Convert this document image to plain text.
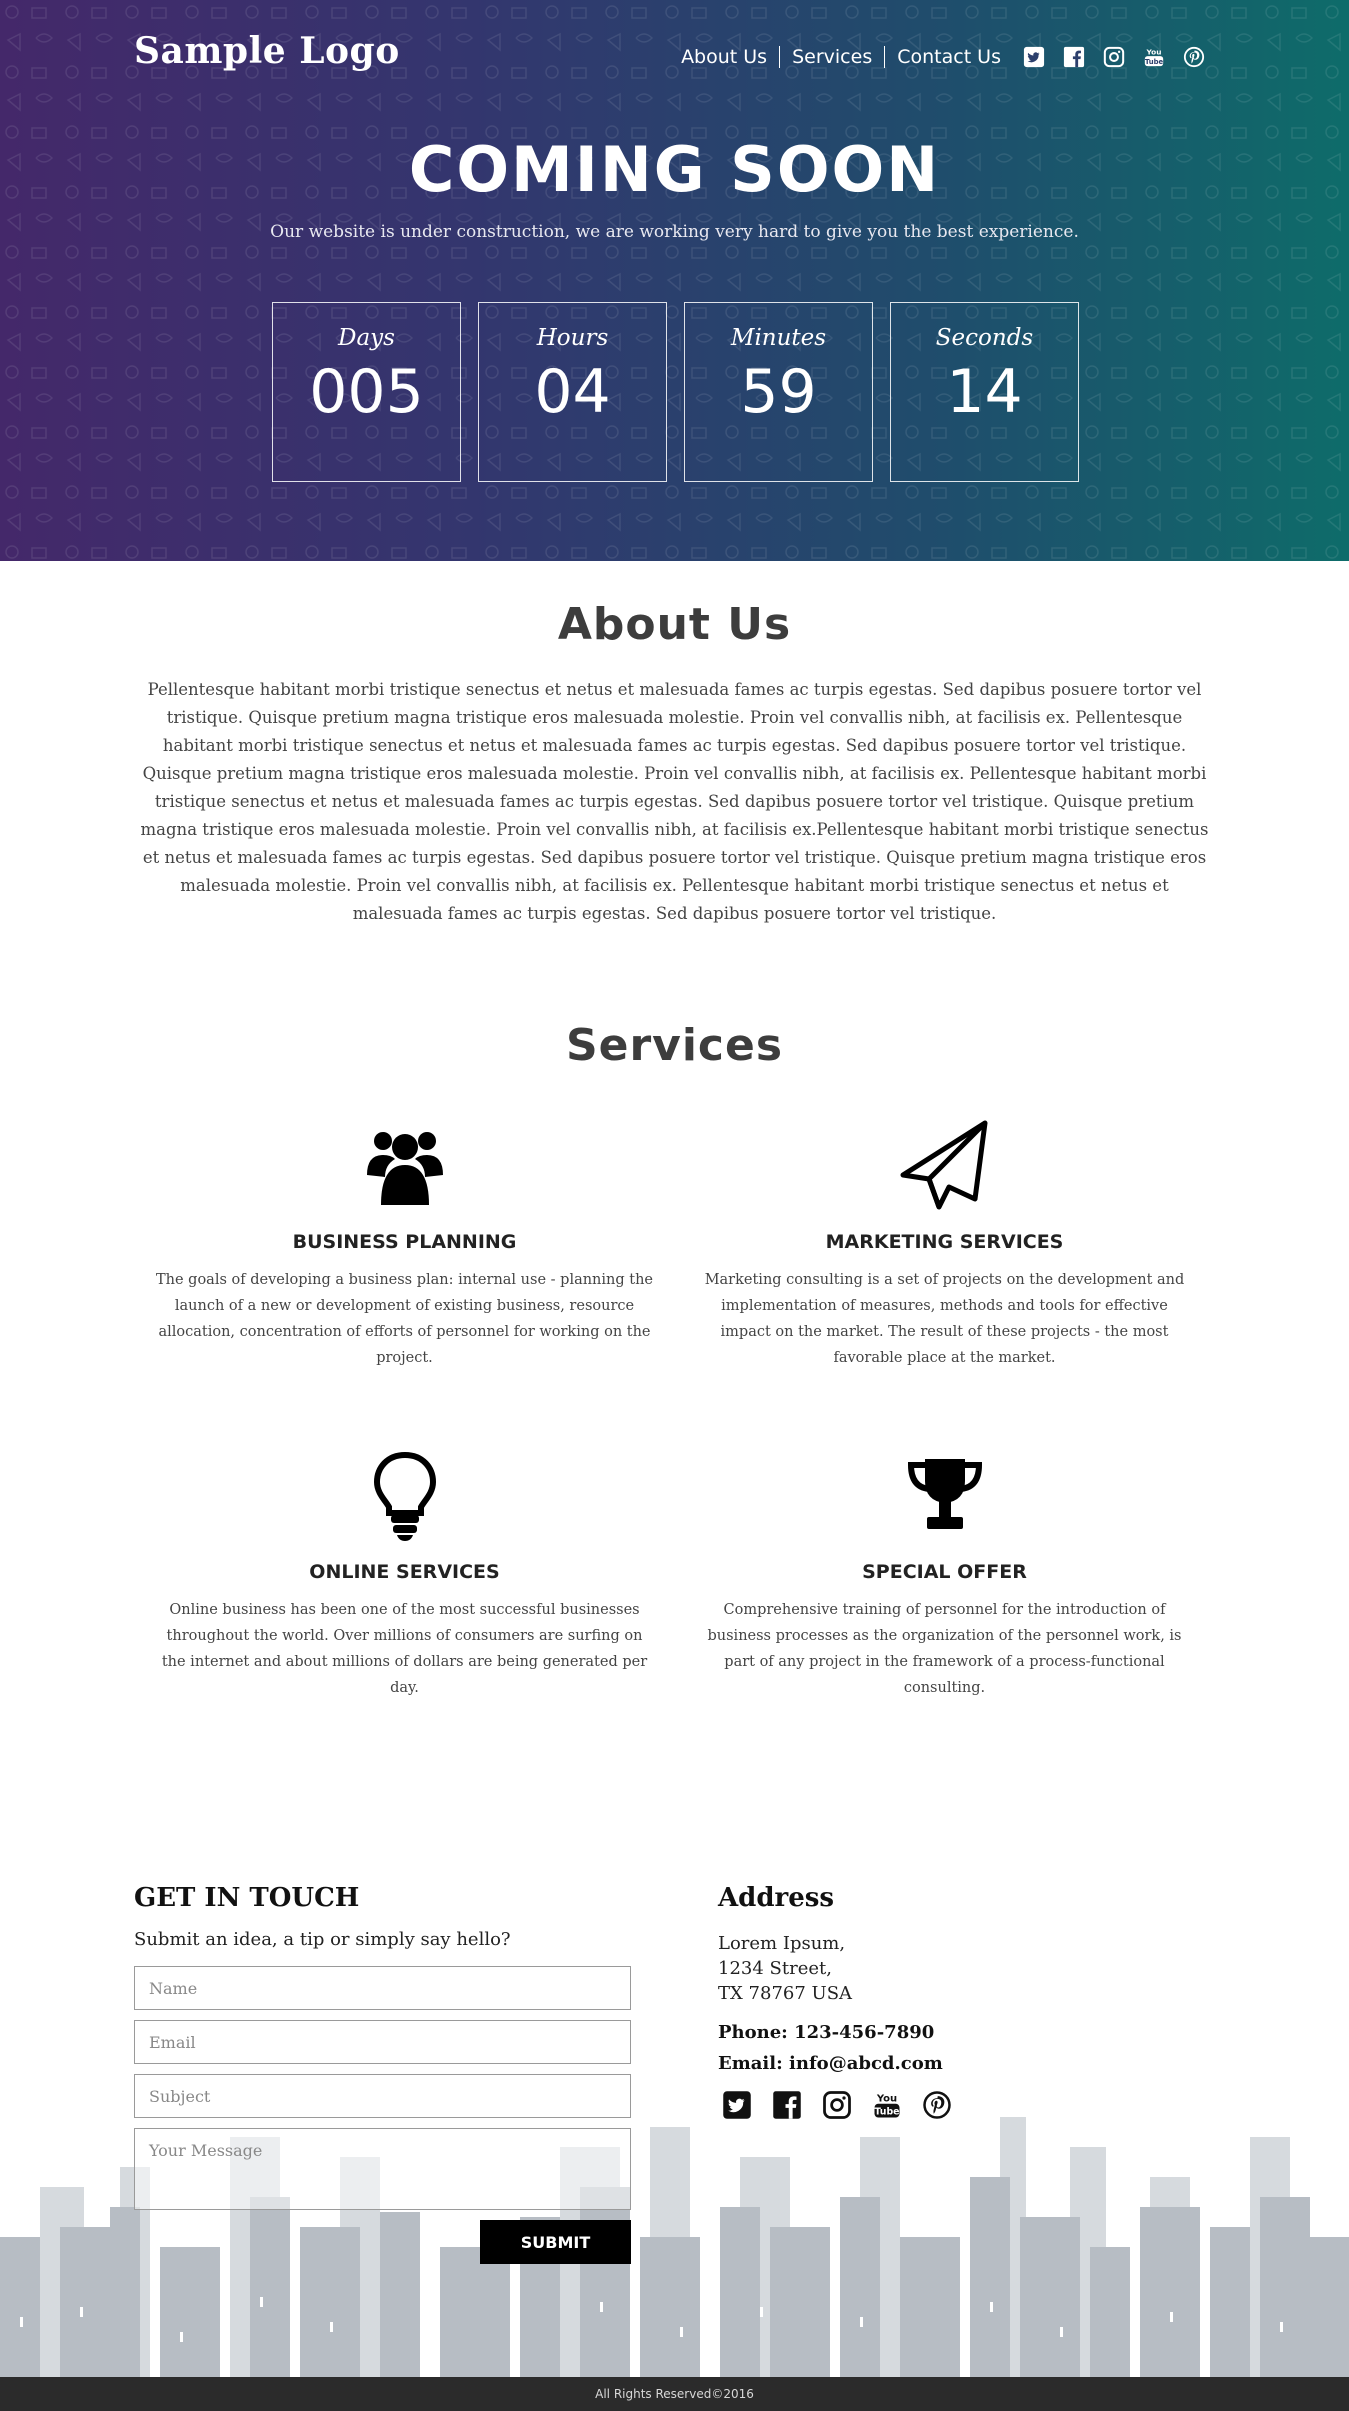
Sample Logo	About Us	Services	Contact Us	You
Tube
COMING SOON

Our website is under construction, we are working very hard to give you the best experience.

Days
005
Hours
04
Minutes
59
Seconds
14
About Us

Pellentesque habitant morbi tristique senectus et netus et malesuada fames ac turpis egestas. Sed dapibus posuere tortor vel tristique. Quisque pretium magna tristique eros malesuada molestie. Proin vel convallis nibh, at facilisis ex. Pellentesque habitant morbi tristique senectus et netus et malesuada fames ac turpis egestas. Sed dapibus posuere tortor vel tristique. Quisque pretium magna tristique eros malesuada molestie. Proin vel convallis nibh, at facilisis ex. Pellentesque habitant morbi tristique senectus et netus et malesuada fames ac turpis egestas. Sed dapibus posuere tortor vel tristique. Quisque pretium magna tristique eros malesuada molestie. Proin vel convallis nibh, at facilisis ex.Pellentesque habitant morbi tristique senectus et netus et malesuada fames ac turpis egestas. Sed dapibus posuere tortor vel tristique. Quisque pretium magna tristique eros malesuada molestie. Proin vel convallis nibh, at facilisis ex. Pellentesque habitant morbi tristique senectus et netus et malesuada fames ac turpis egestas. Sed dapibus posuere tortor vel tristique.

Services
BUSINESS PLANNING

The goals of developing a business plan: internal use - planning the launch of a new or development of existing business, resource allocation, concentration of efforts of personnel for working on the project.

MARKETING SERVICES

Marketing consulting is a set of projects on the development and implementation of measures, methods and tools for effective impact on the market. The result of these projects - the most favorable place at the market.

ONLINE SERVICES

Online business has been one of the most successful businesses throughout the world. Over millions of consumers are surfing on the internet and about millions of dollars are being generated per day.

SPECIAL OFFER

Comprehensive training of personnel for the introduction of business processes as the organization of the personnel work, is part of any project in the framework of a process-functional consulting.

GET IN TOUCH

Submit an idea, a tip or simply say hello?

Name
Email
Subject
Your Message
SUBMIT
Address
Lorem Ipsum,
1234 Street,
TX 78767 USA
Phone: 123-456-7890
Email: info@abcd.com
You
Tube
All Rights Reserved©2016
